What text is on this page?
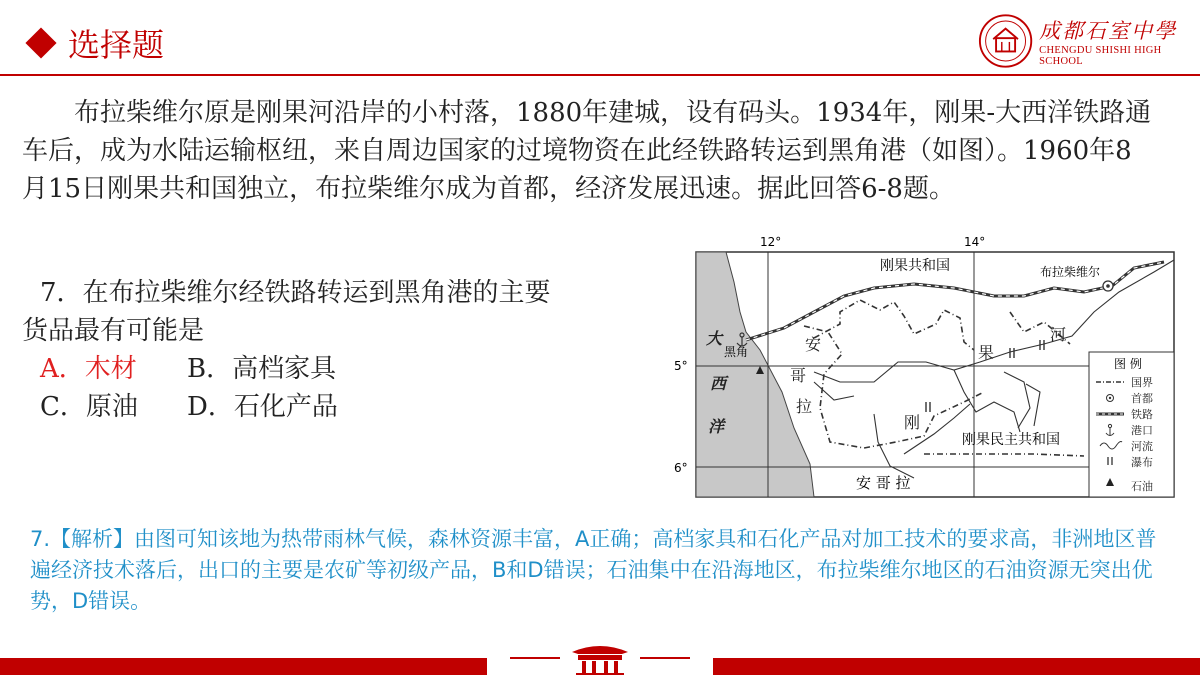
选择题	成都石室中學
CHENGDU SHISHI HIGH SCHOOL

布拉柴维尔原是刚果河沿岸的小村落，1880年建城，设有码头。1934年，刚果-大西洋铁路通车后，成为水陆运输枢纽，来自周边国家的过境物资在此经铁路转运到黑角港（如图）。1960年8月15日刚果共和国独立，布拉柴维尔成为首都，经济发展迅速。据此回答6-8题。

7．在布拉柴维尔经铁路转运到黑角港的主要
货品最有可能是
A．木材	B．高档家具
C．原油	D．石化产品
12°	14°
5°
6°
刚果共和国	布拉柴维尔
黑角
刚果民主共和国
安 哥 拉
大
西
洋
安
哥
拉
刚
果
河
图 例
国界
首都
铁路
港口
河流
瀑布
石油
7.【解析】由图可知该地为热带雨林气候，森林资源丰富，A正确；高档家具和石化产品对加工技术的要求高，非洲地区普遍经济技术落后，出口的主要是农矿等初级产品，B和D错误；石油集中在沿海地区，布拉柴维尔地区的石油资源无突出优势，D错误。
